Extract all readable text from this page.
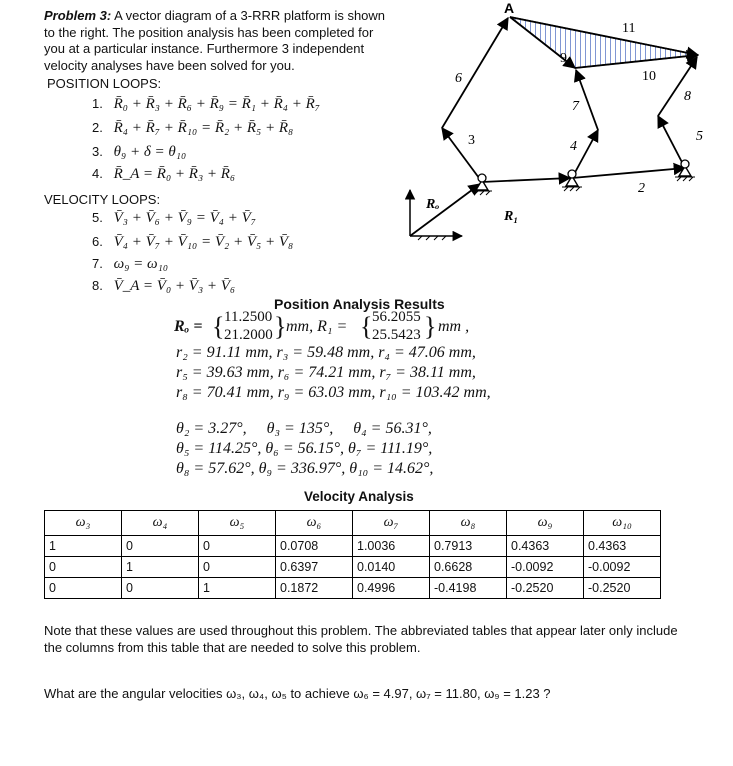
Problem 3: A vector diagram of a 3-RRR platform is shown to the right. The position analysis has been completed for you at a particular instance. Furthermore 3 independent velocity analyses have been solved for you.
POSITION LOOPS:
1. R̄₀ + R̄₃ + R̄₆ + R̄₉ = R̄₁ + R̄₄ + R̄₇
2. R̄₄ + R̄₇ + R̄₁₀ = R̄₂ + R̄₅ + R̄₈
3. θ₉ + δ = θ₁₀
4. R̄_A = R̄₀ + R̄₃ + R̄₆
VELOCITY LOOPS:
5. V̄₃ + V̄₆ + V̄₉ = V̄₄ + V̄₇
6. V̄₄ + V̄₇ + V̄₁₀ = V̄₂ + V̄₅ + V̄₈
7. ω₉ = ω₁₀
8. V̄_A = V̄₀ + V̄₃ + V̄₆
A
11
9
10
6
7
8
3	4
5
2
Rₒ
R₁
Position Analysis Results
Rₒ = { 11.2500
21.2000 } mm, R₁ = { 56.2055
25.5423 } mm ,
r₂ = 91.11 mm, r₃ = 59.48 mm, r₄ = 47.06 mm,
r₅ = 39.63 mm, r₆ = 74.21 mm, r₇ = 38.11 mm,
r₈ = 70.41 mm, r₉ = 63.03 mm, r₁₀ = 103.42 mm,
θ₂ = 3.27°,     θ₃ = 135°,     θ₄ = 56.31°,
θ₅ = 114.25°, θ₆ = 56.15°, θ₇ = 111.19°,
θ₈ = 57.62°, θ₉ = 336.97°, θ₁₀ = 14.62°,
Velocity Analysis
ω₃	ω₄	ω₅	ω₆	ω₇	ω₈	ω₉	ω₁₀
1	0	0	0.0708	1.0036	0.7913	0.4363	0.4363
0	1	0	0.6397	0.0140	0.6628	-0.0092	-0.0092
0	0	1	0.1872	0.4996	-0.4198	-0.2520	-0.2520
Note that these values are used throughout this problem. The abbreviated tables that appear later only include the columns from this table that are needed to solve this problem.
What are the angular velocities ω₃, ω₄, ω₅ to achieve ω₆ = 4.97, ω₇ = 11.80, ω₉ = 1.23 ?
